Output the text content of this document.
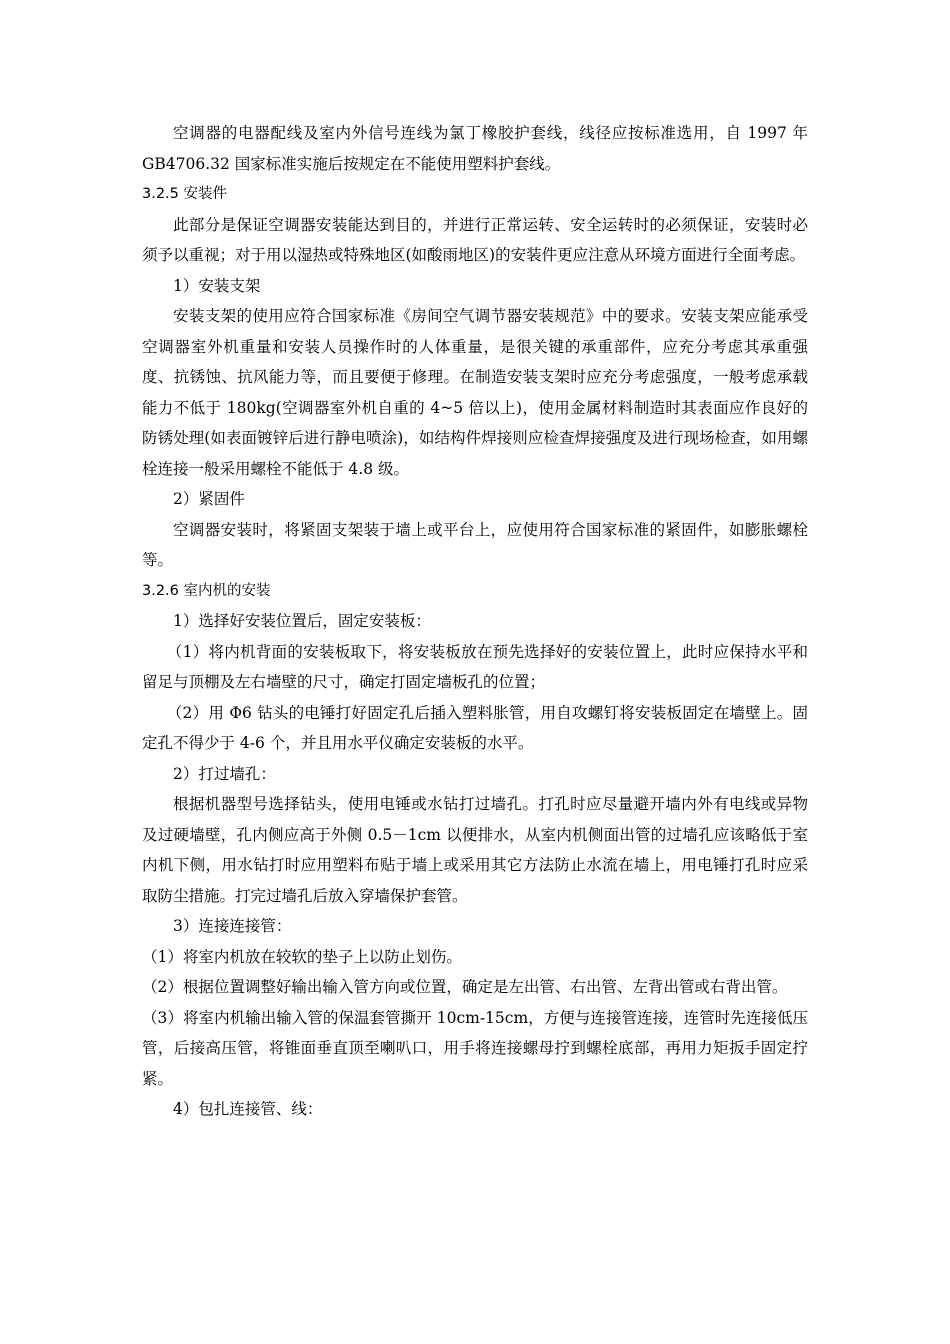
空调器的电器配线及室内外信号连线为氯丁橡胶护套线，线径应按标准选用，自 1997 年 GB4706.32 国家标准实施后按规定在不能使用塑料护套线。

3.2.5 安装件

此部分是保证空调器安装能达到目的，并进行正常运转、安全运转时的必须保证，安装时必须予以重视；对于用以湿热或特殊地区(如酸雨地区)的安装件更应注意从环境方面进行全面考虑。

1）安装支架

安装支架的使用应符合国家标准《房间空气调节器安装规范》中的要求。安装支架应能承受空调器室外机重量和安装人员操作时的人体重量，是很关键的承重部件，应充分考虑其承重强度、抗锈蚀、抗风能力等，而且要便于修理。在制造安装支架时应充分考虑强度，一般考虑承载能力不低于 180kg(空调器室外机自重的 4~5 倍以上)，使用金属材料制造时其表面应作良好的防锈处理(如表面镀锌后进行静电喷涂)，如结构件焊接则应检查焊接强度及进行现场检查，如用螺栓连接一般采用螺栓不能低于 4.8 级。

2）紧固件

空调器安装时，将紧固支架装于墙上或平台上，应使用符合国家标准的紧固件，如膨胀螺栓等。

3.2.6 室内机的安装

1）选择好安装位置后，固定安装板：

（1）将内机背面的安装板取下，将安装板放在预先选择好的安装位置上，此时应保持水平和留足与顶棚及左右墙壁的尺寸，确定打固定墙板孔的位置；

（2）用 Φ6 钻头的电锤打好固定孔后插入塑料胀管，用自攻螺钉将安装板固定在墙壁上。固定孔不得少于 4-6 个，并且用水平仪确定安装板的水平。

2）打过墙孔：

根据机器型号选择钻头，使用电锤或水钻打过墙孔。打孔时应尽量避开墙内外有电线或异物及过硬墙壁，孔内侧应高于外侧 0.5－1cm 以便排水，从室内机侧面出管的过墙孔应该略低于室内机下侧，用水钻打时应用塑料布贴于墙上或采用其它方法防止水流在墙上，用电锤打孔时应采取防尘措施。打完过墙孔后放入穿墙保护套管。

3）连接连接管：

（1）将室内机放在较软的垫子上以防止划伤。

（2）根据位置调整好输出输入管方向或位置，确定是左出管、右出管、左背出管或右背出管。

（3）将室内机输出输入管的保温套管撕开 10cm-15cm，方便与连接管连接，连管时先连接低压管，后接高压管，将锥面垂直顶至喇叭口，用手将连接螺母拧到螺栓底部，再用力矩扳手固定拧紧。

4）包扎连接管、线：
